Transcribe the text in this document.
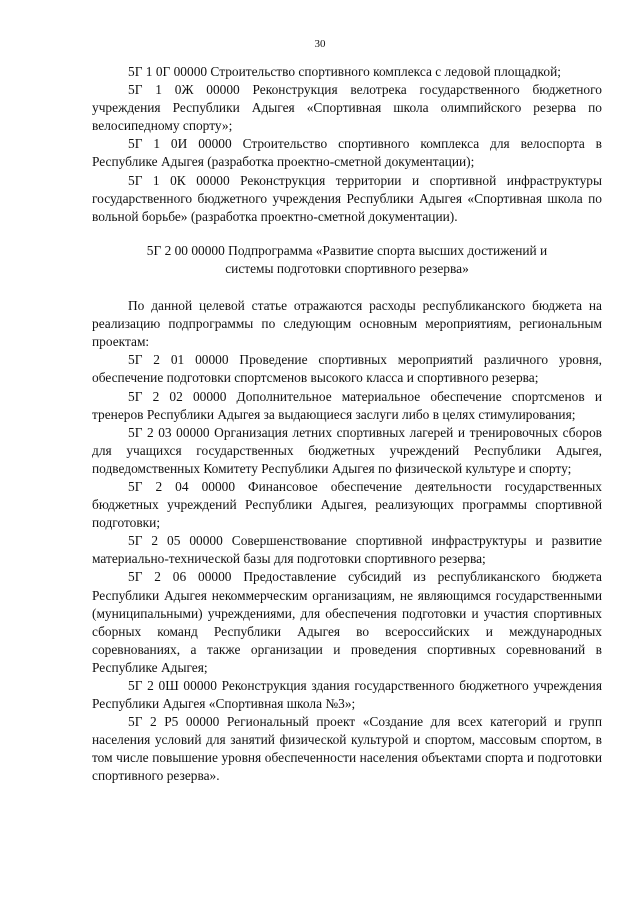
30

5Г 1 0Г 00000 Строительство спортивного комплекса с ледовой площадкой;

5Г 1 0Ж 00000 Реконструкция велотрека государственного бюджетного учреждения Республики Адыгея «Спортивная школа олимпийского резерва по велосипедному спорту»;

5Г 1 0И 00000 Строительство спортивного комплекса для велоспорта в Республике Адыгея (разработка проектно-сметной документации);

5Г 1 0К 00000 Реконструкция территории и спортивной инфраструктуры государственного бюджетного учреждения Республики Адыгея «Спортивная школа по вольной борьбе» (разработка проектно-сметной документации).

5Г 2 00 00000 Подпрограмма «Развитие спорта высших достижений и системы подготовки спортивного резерва»

По данной целевой статье отражаются расходы республиканского бюджета на реализацию подпрограммы по следующим основным мероприятиям, региональным проектам:

5Г 2 01 00000 Проведение спортивных мероприятий различного уровня, обеспечение подготовки спортсменов высокого класса и спортивного резерва;

5Г 2 02 00000 Дополнительное материальное обеспечение спортсменов и тренеров Республики Адыгея за выдающиеся заслуги либо в целях стимулирования;

5Г 2 03 00000 Организация летних спортивных лагерей и тренировочных сборов для учащихся государственных бюджетных учреждений Республики Адыгея, подведомственных Комитету Республики Адыгея по физической культуре и спорту;

5Г 2 04 00000 Финансовое обеспечение деятельности государственных бюджетных учреждений Республики Адыгея, реализующих программы спортивной подготовки;

5Г 2 05 00000 Совершенствование спортивной инфраструктуры и развитие материально-технической базы для подготовки спортивного резерва;

5Г 2 06 00000 Предоставление субсидий из республиканского бюджета Республики Адыгея некоммерческим организациям, не являющимся государственными (муниципальными) учреждениями, для обеспечения подготовки и участия спортивных сборных команд Республики Адыгея во всероссийских и международных соревнованиях, а также организации и проведения спортивных соревнований в Республике Адыгея;

5Г 2 0Ш 00000 Реконструкция здания государственного бюджетного учреждения Республики Адыгея «Спортивная школа №3»;

5Г 2 Р5 00000 Региональный проект «Создание для всех категорий и групп населения условий для занятий физической культурой и спортом, массовым спортом, в том числе повышение уровня обеспеченности населения объектами спорта и подготовки спортивного резерва».
